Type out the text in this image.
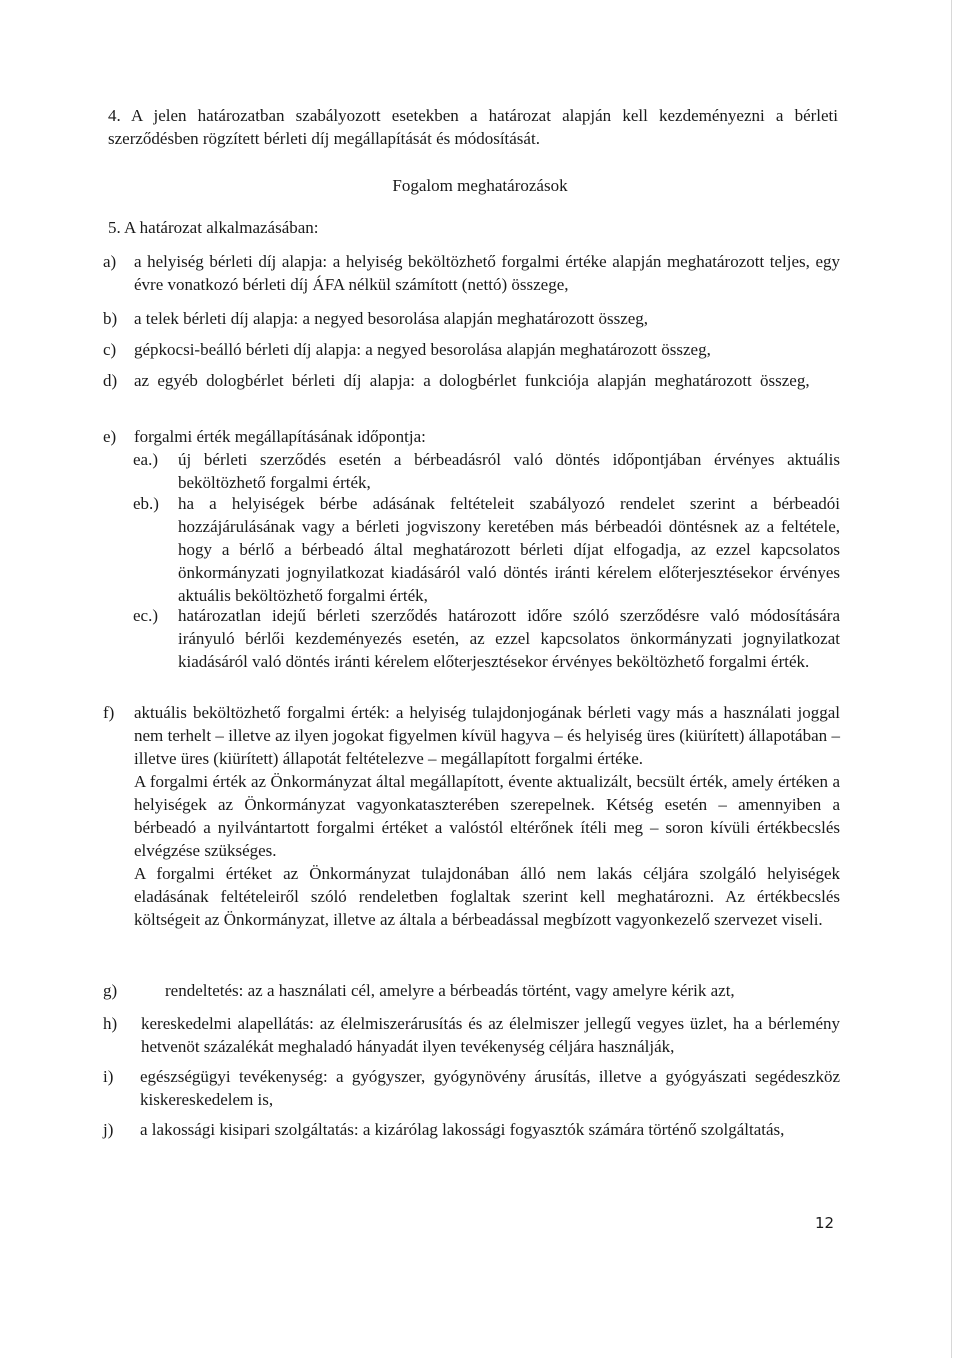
4. A jelen határozatban szabályozott esetekben a határozat alapján kell kezdeményezni a bérleti szerződésben rögzített bérleti díj megállapítását és módosítását.
Fogalom meghatározások
5. A határozat alkalmazásában:
a)	a helyiség bérleti díj alapja: a helyiség beköltözhető forgalmi értéke alapján meghatározott teljes, egy évre vonatkozó bérleti díj ÁFA nélkül számított (nettó) összege,
b) a telek bérleti díj alapja: a negyed besorolása alapján meghatározott összeg,
c)	gépkocsi-beálló bérleti díj alapja: a negyed besorolása alapján meghatározott összeg,
d) az egyéb dologbérlet bérleti díj alapja: a dologbérlet funkciója alapján meghatározott összeg,
e)	forgalmi érték megállapításának időpontja:
ea.)	új bérleti szerződés esetén a bérbeadásról való döntés időpontjában érvényes aktuális beköltözhető forgalmi érték,
eb.)	ha a helyiségek bérbe adásának feltételeit szabályozó rendelet szerint a bérbeadói hozzájárulásának vagy a bérleti jogviszony keretében más bérbeadói döntésnek az a feltétele, hogy a bérlő a bérbeadó által meghatározott bérleti díjat elfogadja, az ezzel kapcsolatos önkormányzati jognyilatkozat kiadásáról való döntés iránti kérelem előterjesztésekor érvényes aktuális beköltözhető forgalmi érték,
ec.)	határozatlan idejű bérleti szerződés határozott időre szóló szerződésre való módosítására irányuló bérlői kezdeményezés esetén, az ezzel kapcsolatos önkormányzati jognyilatkozat kiadásáról való döntés iránti kérelem előterjesztésekor érvényes beköltözhető forgalmi érték.
f)	aktuális beköltözhető forgalmi érték: a helyiség tulajdonjogának bérleti vagy más a használati joggal nem terhelt – illetve az ilyen jogokat figyelmen kívül hagyva – és helyiség üres (kiürített) állapotában – illetve üres (kiürített) állapotát feltételezve – megállapított forgalmi értéke.
A forgalmi érték az Önkormányzat által megállapított, évente aktualizált, becsült érték, amely értéken a helyiségek az Önkormányzat vagyonkataszterében szerepelnek. Kétség esetén – amennyiben a bérbeadó a nyilvántartott forgalmi értéket a valóstól eltérőnek ítéli meg – soron kívüli értékbecslés elvégzése szükséges.
A forgalmi értéket az Önkormányzat tulajdonában álló nem lakás céljára szolgáló helyiségek eladásának feltételeiről szóló rendeletben foglaltak szerint kell meghatározni. Az értékbecslés költségeit az Önkormányzat, illetve az általa a bérbeadással megbízott vagyonkezelő szervezet viseli.
g)	rendeltetés: az a használati cél, amelyre a bérbeadás történt, vagy amelyre kérik azt,
h)	kereskedelmi alapellátás: az élelmiszerárusítás és az élelmiszer jellegű vegyes üzlet, ha a bérlemény hetvenöt százalékát meghaladó hányadát ilyen tevékenység céljára használják,
i)	egészségügyi tevékenység: a gyógyszer, gyógynövény árusítás, illetve a gyógyászati segédeszköz kiskereskedelem is,
j)	a lakossági kisipari szolgáltatás: a kizárólag lakossági fogyasztók számára történő szolgáltatás,
12
